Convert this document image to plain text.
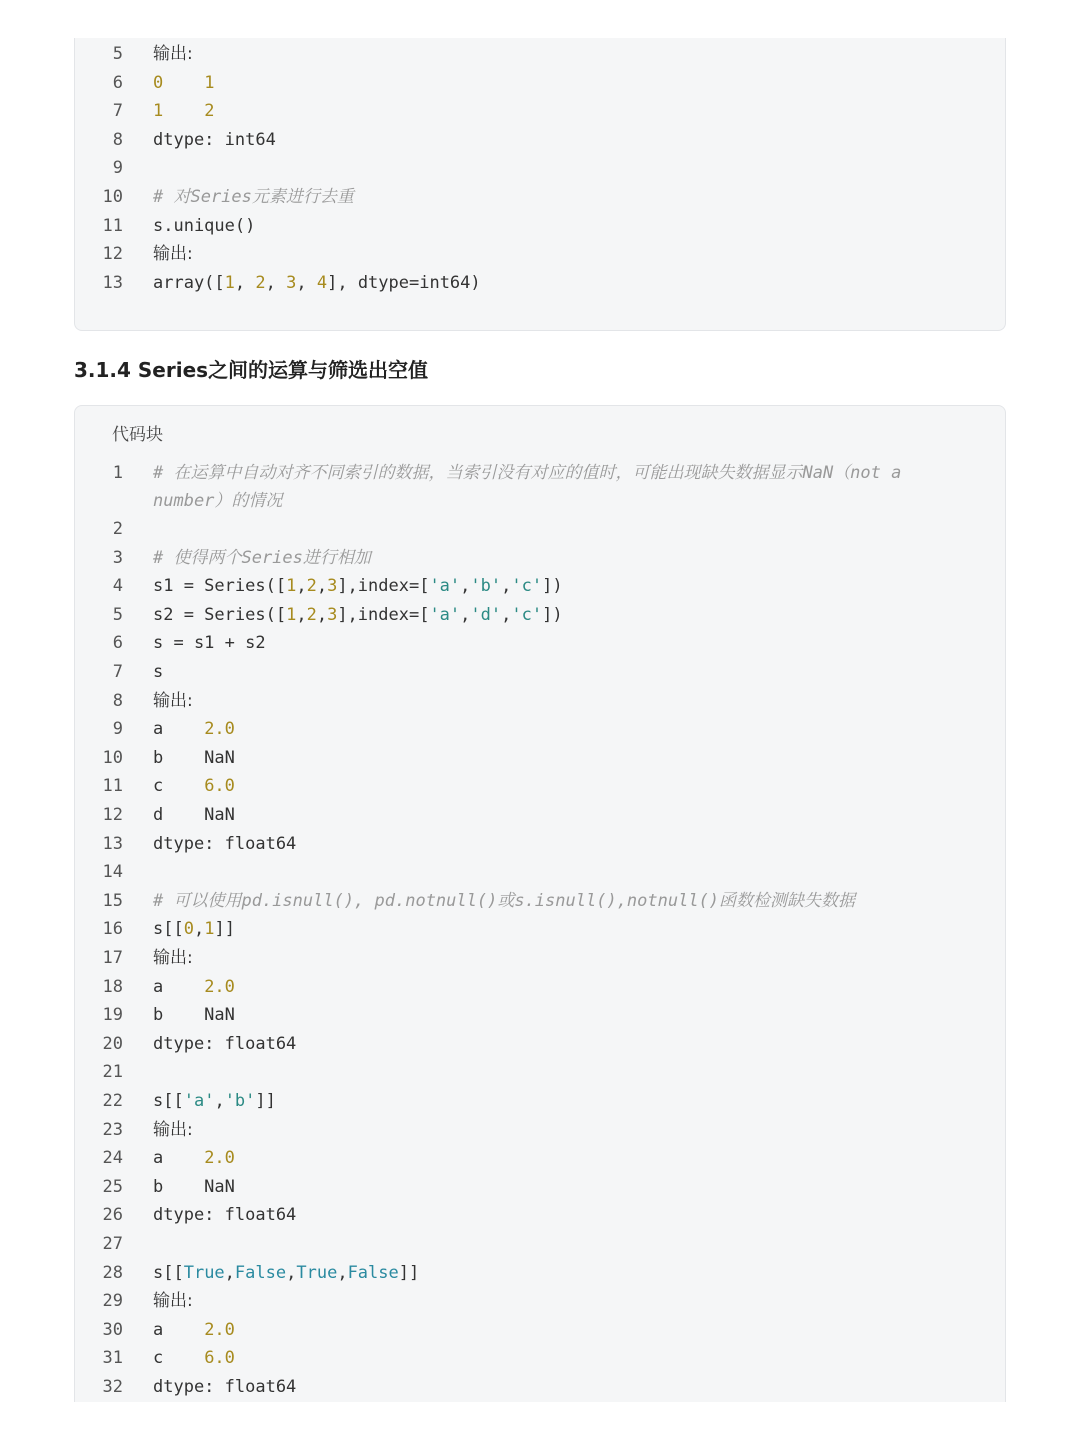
5 输出:
6 0 1
7 1 2
8 dtype: int64
9
10 # 对Series元素进行去重
11 s.unique()
12 输出:
13 array([1, 2, 3, 4], dtype=int64)
3.1.4 Series之间的运算与筛选出空值
代码块
1 # 在运算中自动对齐不同索引的数据，当索引没有对应的值时，可能出现缺失数据显示NaN（not a number）的情况
2
3 # 使得两个Series进行相加
4 s1 = Series([1,2,3],index=['a','b','c'])
5 s2 = Series([1,2,3],index=['a','d','c'])
6 s = s1 + s2
7 s
8 输出:
9 a    2.0
10 b    NaN
11 c    6.0
12 d    NaN
13 dtype: float64
14
15 # 可以使用pd.isnull(), pd.notnull()或s.isnull(),notnull()函数检测缺失数据
16 s[[0,1]]
17 输出:
18 a    2.0
19 b    NaN
20 dtype: float64
21
22 s[['a','b']]
23 输出:
24 a    2.0
25 b    NaN
26 dtype: float64
27
28 s[[True,False,True,False]]
29 输出:
30 a    2.0
31 c    6.0
32 dtype: float64
